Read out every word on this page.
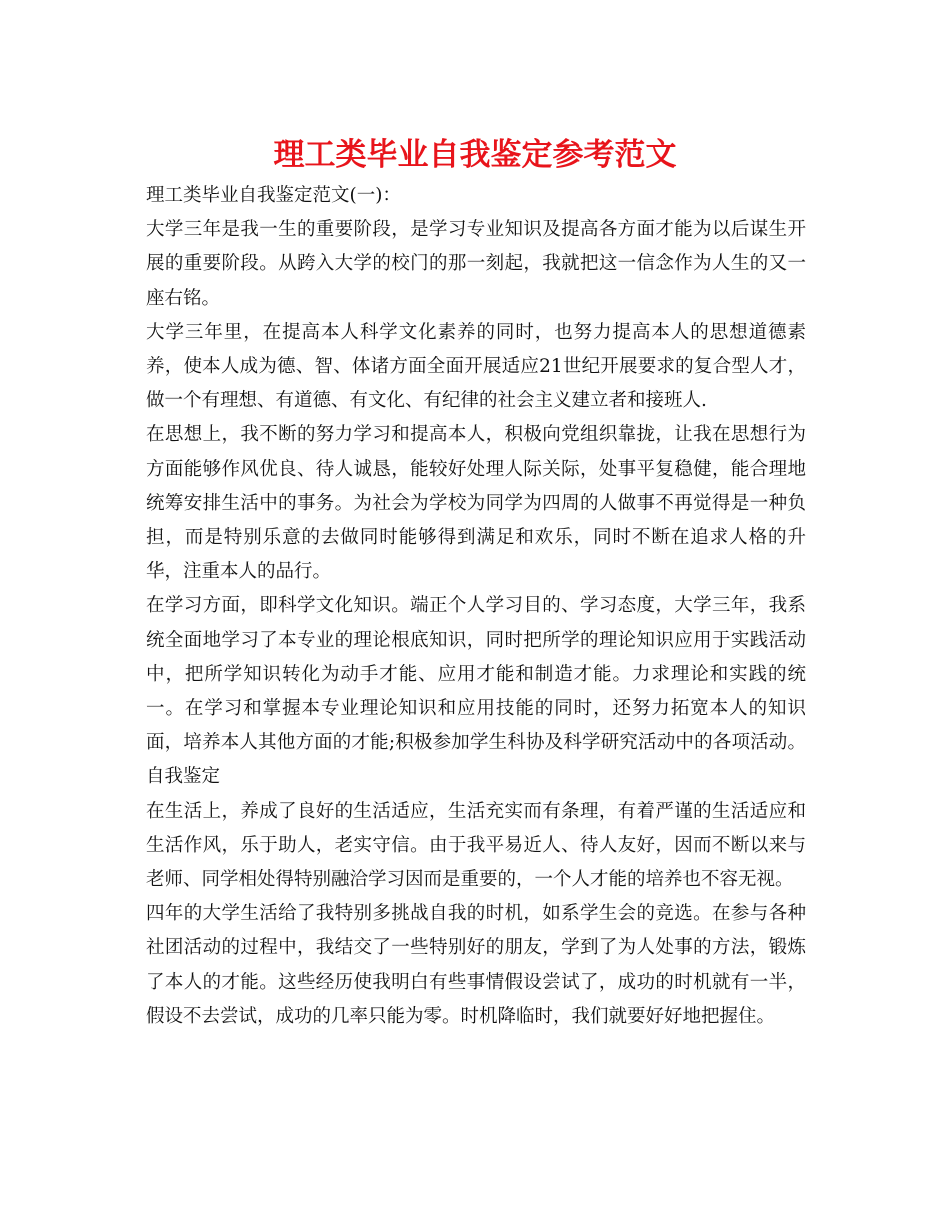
理工类毕业自我鉴定参考范文

理工类毕业自我鉴定范文(一)：

大学三年是我一生的重要阶段，是学习专业知识及提高各方面才能为以后谋生开展的重要阶段。从跨入大学的校门的那一刻起，我就把这一信念作为人生的又一座右铭。

大学三年里，在提高本人科学文化素养的同时，也努力提高本人的思想道德素养，使本人成为德、智、体诸方面全面开展适应21世纪开展要求的复合型人才，做一个有理想、有道德、有文化、有纪律的社会主义建立者和接班人.

在思想上，我不断的努力学习和提高本人，积极向党组织靠拢，让我在思想行为方面能够作风优良、待人诚恳，能较好处理人际关际，处事平复稳健，能合理地统筹安排生活中的事务。为社会为学校为同学为四周的人做事不再觉得是一种负担，而是特别乐意的去做同时能够得到满足和欢乐，同时不断在追求人格的升华，注重本人的品行。

在学习方面，即科学文化知识。端正个人学习目的、学习态度，大学三年，我系统全面地学习了本专业的理论根底知识，同时把所学的理论知识应用于实践活动中，把所学知识转化为动手才能、应用才能和制造才能。力求理论和实践的统一。在学习和掌握本专业理论知识和应用技能的同时，还努力拓宽本人的知识面，培养本人其他方面的才能;积极参加学生科协及科学研究活动中的各项活动。自我鉴定

在生活上，养成了良好的生活适应，生活充实而有条理，有着严谨的生活适应和生活作风，乐于助人，老实守信。由于我平易近人、待人友好，因而不断以来与老师、同学相处得特别融洽学习因而是重要的，一个人才能的培养也不容无视。

四年的大学生活给了我特别多挑战自我的时机，如系学生会的竞选。在参与各种社团活动的过程中，我结交了一些特别好的朋友，学到了为人处事的方法，锻炼了本人的才能。这些经历使我明白有些事情假设尝试了，成功的时机就有一半，假设不去尝试，成功的几率只能为零。时机降临时，我们就要好好地把握住。
